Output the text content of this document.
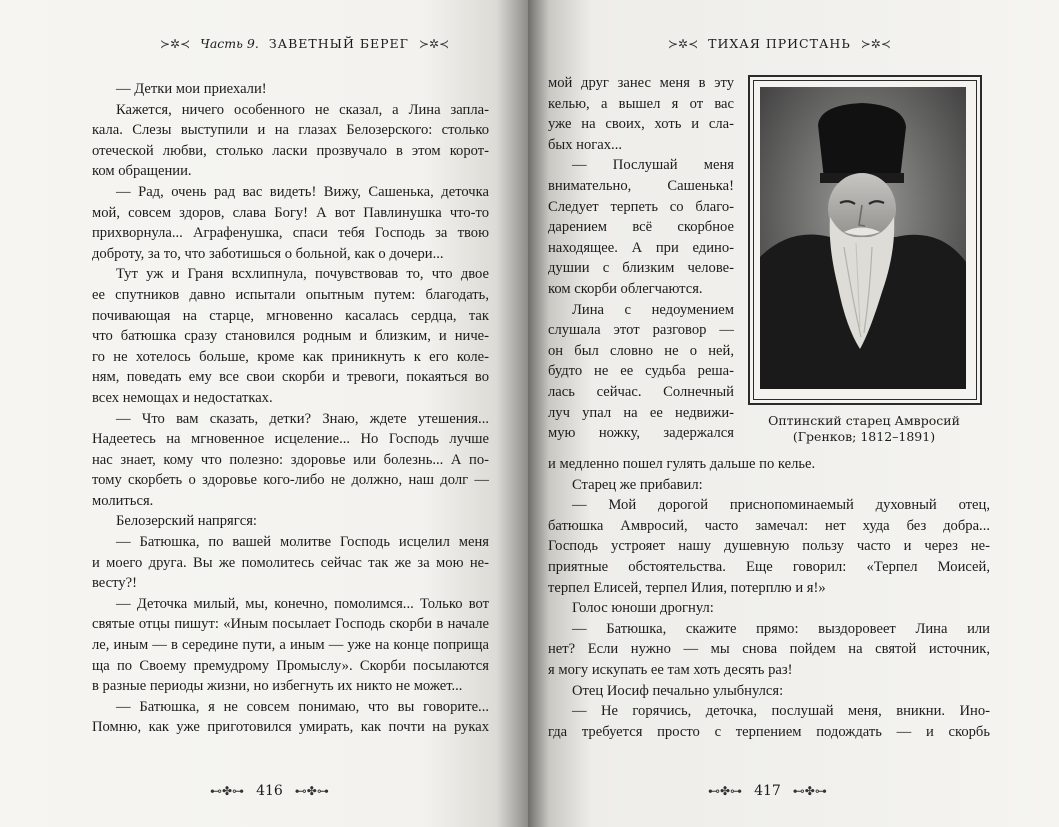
≻✲≺ Часть 9. ЗАВЕТНЫЙ БЕРЕГ ≻✲≺
— Детки мои приехали!
Кажется, ничего особенного не сказал, а Лина запла-
кала. Слезы выступили и на глазах Белозерского: столько
отеческой любви, столько ласки прозвучало в этом корот-
ком обращении.
— Рад, очень рад вас видеть! Вижу, Сашенька, деточка
мой, совсем здоров, слава Богу! А вот Павлинушка что-то
прихворнула... Аграфенушка, спаси тебя Господь за твою
доброту, за то, что заботишься о больной, как о дочери...
Тут уж и Граня всхлипнула, почувствовав то, что двое
ее спутников давно испытали опытным путем: благодать,
почивающая на старце, мгновенно касалась сердца, так
что батюшка сразу становился родным и близким, и ниче-
го не хотелось больше, кроме как приникнуть к его коле-
ням, поведать ему все свои скорби и тревоги, покаяться во
всех немощах и недостатках.
— Что вам сказать, детки? Знаю, ждете утешения...
Надеетесь на мгновенное исцеление... Но Господь лучше
нас знает, кому что полезно: здоровье или болезнь... А по-
тому скорбеть о здоровье кого-либо не должно, наш долг —
молиться.
Белозерский напрягся:
— Батюшка, по вашей молитве Господь исцелил меня
и моего друга. Вы же помолитесь сейчас так же за мою не-
весту?!
— Деточка милый, мы, конечно, помолимся... Только вот
святые отцы пишут: «Иным посылает Господь скорби в начале
ле, иным — в середине пути, а иным — уже на конце поприща
ща по Своему премудрому Промыслу». Скорби посылаются
в разные периоды жизни, но избегнуть их никто не может...
— Батюшка, я не совсем понимаю, что вы говорите...
Помню, как уже приготовился умирать, как почти на руках
⊷✤⊶ 416 ⊷✤⊶
≻✲≺ ТИХАЯ ПРИСТАНЬ ≻✲≺
мой друг занес меня в эту
келью, а вышел я от вас
уже на своих, хоть и сла-
бых ногах...
— Послушай меня
внимательно, Сашенька!
Следует терпеть со благо-
дарением всё скорбное
находящее. А при едино-
душии с близким челове-
ком скорби облегчаются.
Лина с недоумением
слушала этот разговор —
он был словно не о ней,
будто не ее судьба реша-
лась сейчас. Солнечный
луч упал на ее недвижи-
мую ножку, задержался
Оптинский старец Амвросий
(Гренков; 1812–1891)
и медленно пошел гулять дальше по келье.
Старец же прибавил:
— Мой дорогой приснопоминаемый духовный отец,
батюшка Амвросий, часто замечал: нет худа без добра...
Господь устрояет нашу душевную пользу часто и через не-
приятные обстоятельства. Еще говорил: «Терпел Моисей,
терпел Елисей, терпел Илия, потерплю и я!»
Голос юноши дрогнул:
— Батюшка, скажите прямо: выздоровеет Лина или
нет? Если нужно — мы снова пойдем на святой источник,
я могу искупать ее там хоть десять раз!
Отец Иосиф печально улыбнулся:
— Не горячись, деточка, послушай меня, вникни. Ино-
гда требуется просто с терпением подождать — и скорбь
⊷✤⊶ 417 ⊷✤⊶
